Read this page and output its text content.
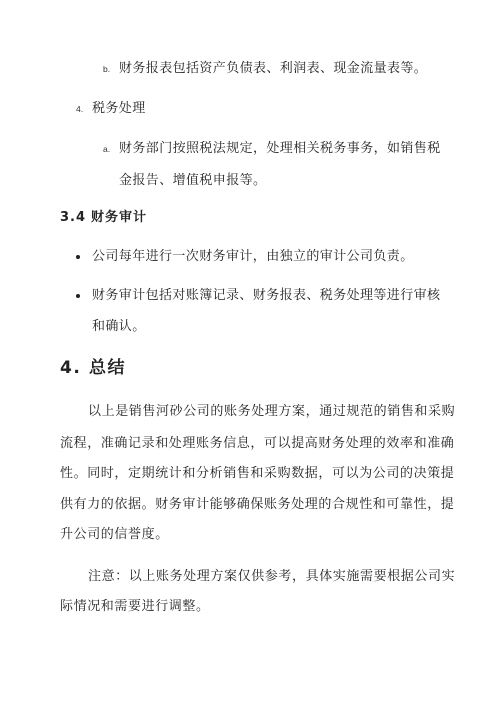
b. 财务报表包括资产负债表、利润表、现金流量表等。
4. 税务处理
a. 财务部门按照税法规定，处理相关税务事务，如销售税
金报告、增值税申报等。
3.4 财务审计
公司每年进行一次财务审计，由独立的审计公司负责。
财务审计包括对账簿记录、财务报表、税务处理等进行审核
和确认。
4. 总结
以上是销售河砂公司的账务处理方案，通过规范的销售和采购
流程，准确记录和处理账务信息，可以提高财务处理的效率和准确
性。同时，定期统计和分析销售和采购数据，可以为公司的决策提
供有力的依据。财务审计能够确保账务处理的合规性和可靠性，提
升公司的信誉度。
注意：以上账务处理方案仅供参考，具体实施需要根据公司实
际情况和需要进行调整。
